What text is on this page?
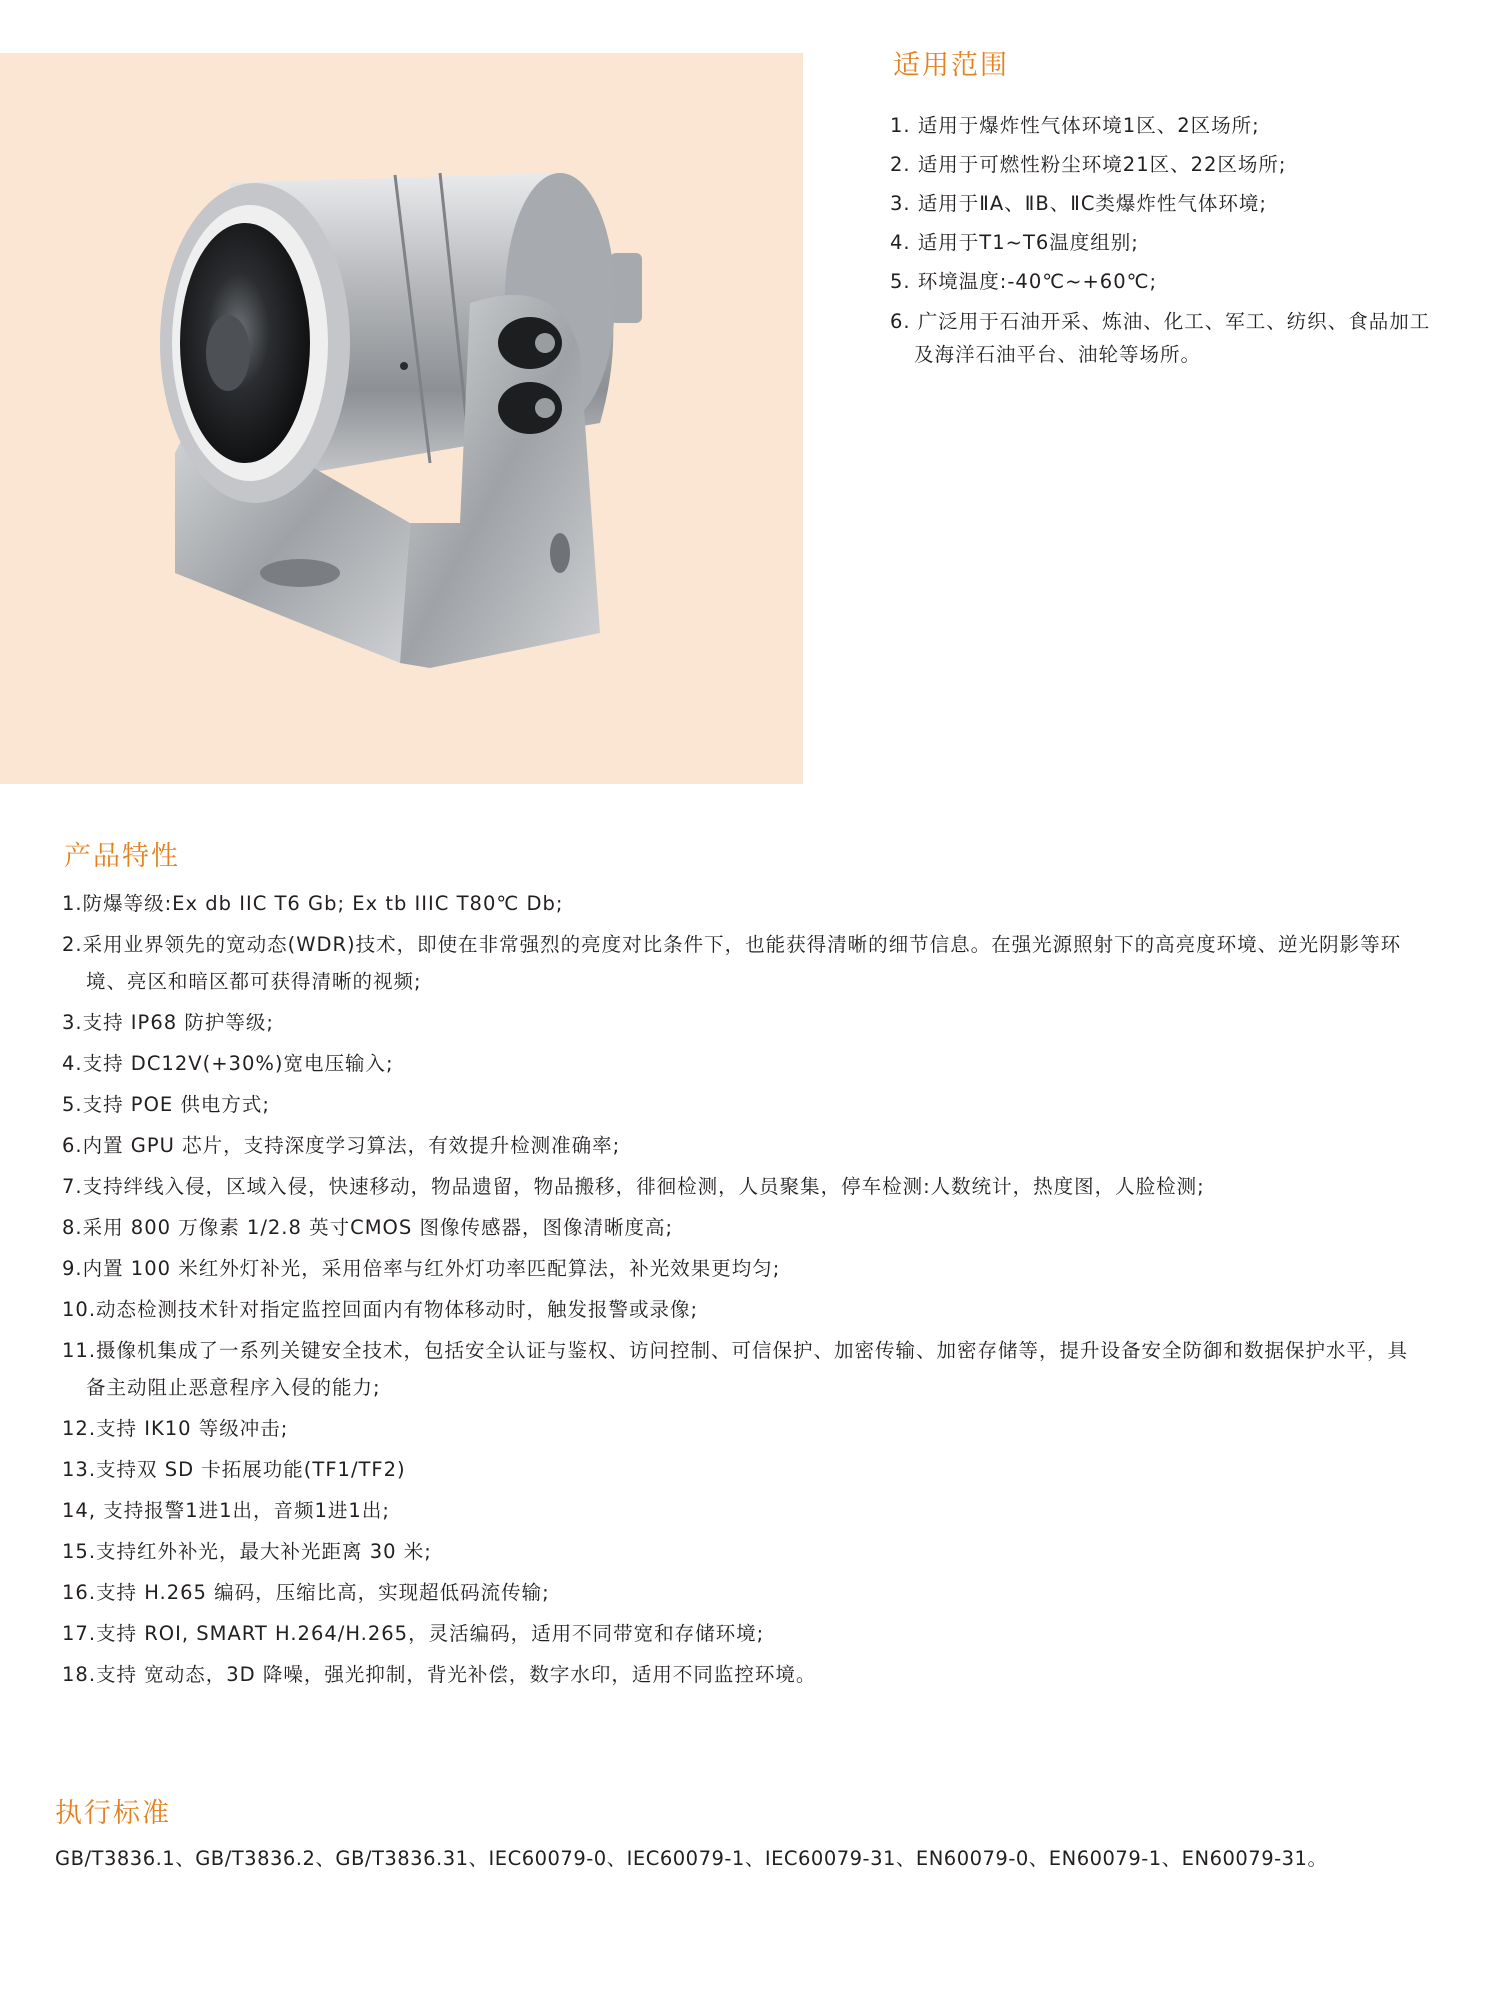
适用范围
1. 适用于爆炸性气体环境1区、2区场所;
2. 适用于可燃性粉尘环境21区、22区场所;
3. 适用于ⅡA、ⅡB、ⅡC类爆炸性气体环境;
4. 适用于T1~T6温度组别;
5. 环境温度:-40℃~+60℃;
6. 广泛用于石油开采、炼油、化工、军工、纺织、食品加工及海洋石油平台、油轮等场所。
产品特性
1.防爆等级:Ex db IIC T6 Gb; Ex tb IIIC T80℃ Db;
2.采用业界领先的宽动态(WDR)技术，即使在非常强烈的亮度对比条件下，也能获得清晰的细节信息。在强光源照射下的高亮度环境、逆光阴影等环境、亮区和暗区都可获得清晰的视频;
3.支持 IP68 防护等级;
4.支持 DC12V(+30%)宽电压输入;
5.支持 POE 供电方式;
6.内置 GPU 芯片，支持深度学习算法，有效提升检测准确率;
7.支持绊线入侵，区域入侵，快速移动，物品遗留，物品搬移，徘徊检测，人员聚集，停车检测:人数统计，热度图，人脸检测;
8.采用 800 万像素 1/2.8 英寸CMOS 图像传感器，图像清晰度高;
9.内置 100 米红外灯补光，采用倍率与红外灯功率匹配算法，补光效果更均匀;
10.动态检测技术针对指定监控回面内有物体移动时，触发报警或录像;
11.摄像机集成了一系列关键安全技术，包括安全认证与鉴权、访问控制、可信保护、加密传输、加密存储等，提升设备安全防御和数据保护水平，具备主动阻止恶意程序入侵的能力;
12.支持 IK10 等级冲击;
13.支持双 SD 卡拓展功能(TF1/TF2)
14, 支持报警1进1出，音频1进1出;
15.支持红外补光，最大补光距离 30 米;
16.支持 H.265 编码，压缩比高，实现超低码流传输;
17.支持 ROI, SMART H.264/H.265，灵活编码，适用不同带宽和存储环境;
18.支持 宽动态，3D 降噪，强光抑制，背光补偿，数字水印，适用不同监控环境。
执行标准
GB/T3836.1、GB/T3836.2、GB/T3836.31、IEC60079-0、IEC60079-1、IEC60079-31、EN60079-0、EN60079-1、EN60079-31。
